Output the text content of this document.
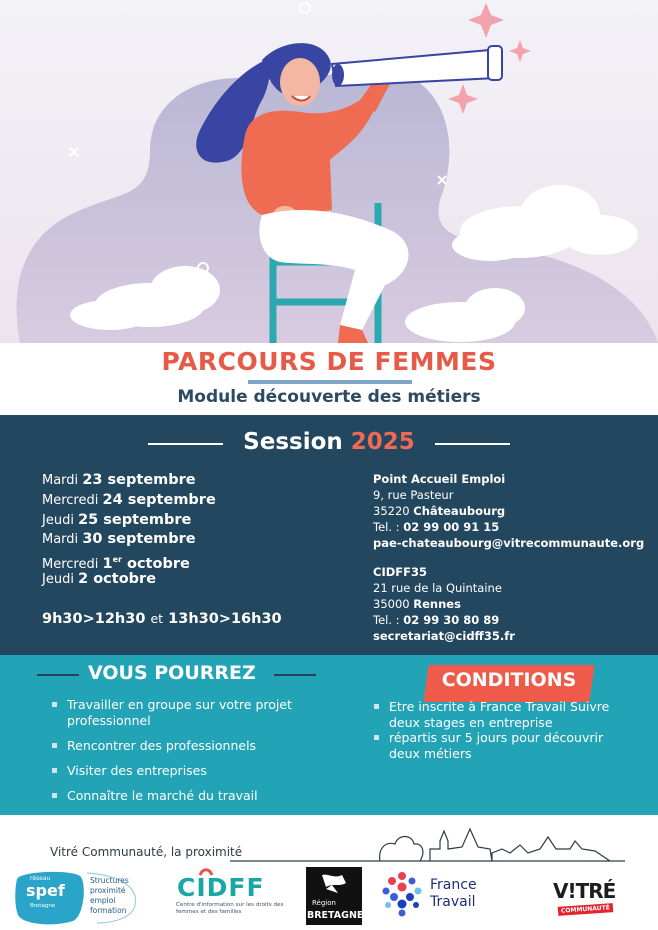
PARCOURS DE FEMMES
Module découverte des métiers
Session 2025
Mardi 23 septembre
Mercredi 24 septembre
Jeudi 25 septembre
Mardi 30 septembre
Mercredi 1er octobre
Jeudi 2 octobre
9h30>12h30 et 13h30>16h30
Point Accueil Emploi
9, rue Pasteur
35220 Châteaubourg
Tel. : 02 99 00 91 15
pae-chateaubourg@vitrecommunaute.org
CIDFF35
21 rue de la Quintaine
35000 Rennes
Tel. : 02 99 30 80 89
secretariat@cidff35.fr
VOUS POURREZ
Travailler en groupe sur votre projet professionnel
Rencontrer des professionnels
Visiter des entreprises
Connaître le marché du travail
CONDITIONS
Etre inscrite à France Travail Suivre deux stages en entreprise
répartis sur 5 jours pour découvrir deux métiers
Vitré Communauté, la proximité
réseau
spef
Bretagne
Structures
proximité
emploi
formation
CIDFF
Centre d'information sur les droits des femmes et des familles
Région
BRETAGNE
France
Travail	V!TRÉ
COMMUNAUTÉ
